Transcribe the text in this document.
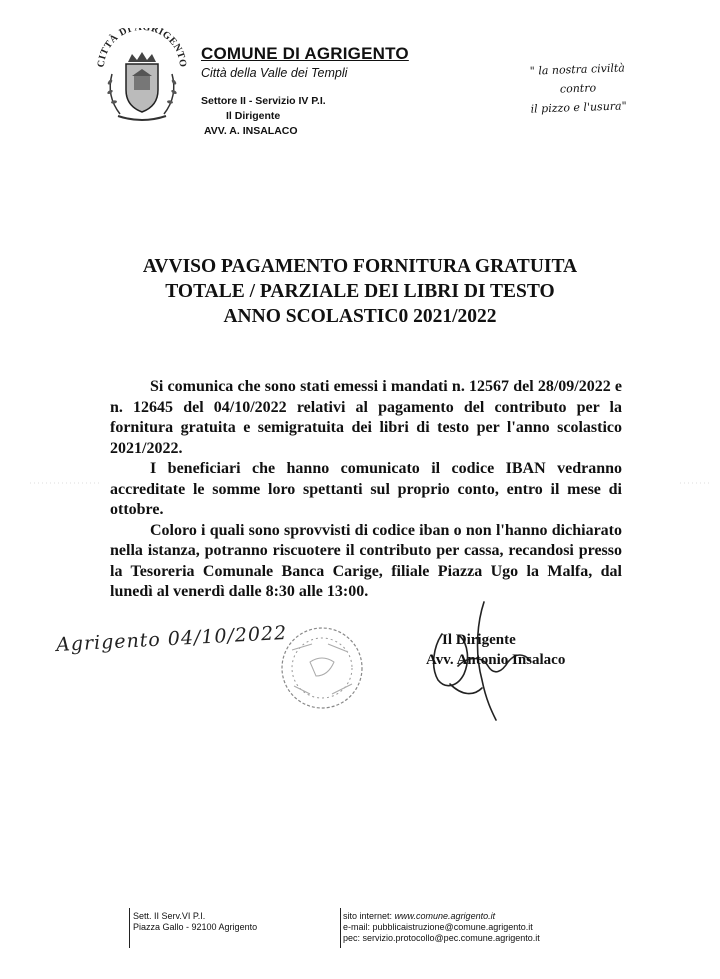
CITTÀ DI RIGENTO
COMUNE DI AGRIGENTO
Città della Valle dei Templi
Settore II - Servizio IV P.I.
Il Dirigente
AVV. A. INSALACO
" la nostra civiltà
contro
il pizzo e l'usura"
AVVISO PAGAMENTO FORNITURA GRATUITA
TOTALE / PARZIALE DEI LIBRI DI TESTO
ANNO SCOLASTIC0 2021/2022

Si comunica che sono stati emessi i mandati n. 12567 del 28/09/2022 e n. 12645 del 04/10/2022 relativi al pagamento del contributo per la fornitura gratuita e semigratuita dei libri di testo per l'anno scolastico 2021/2022.

I beneficiari che hanno comunicato il codice IBAN vedranno accreditate le somme loro spettanti sul proprio conto, entro il mese di ottobre.

Coloro i quali sono sprovvisti di codice iban o non l'hanno dichiarato nella istanza, potranno riscuotere il contributo per cassa, recandosi presso la Tesoreria Comunale Banca Carige, filiale Piazza Ugo la Malfa, dal lunedì al venerdì dalle 8:30 alle 13:00.

Agrigento 04/10/2022	Il Dirigente
Avv. Antonio Insalaco
Sett. II Serv.VI P.I.
Piazza Gallo - 92100 Agrigento
sito internet: www.comune.agrigento.it
e-mail: pubblicaistruzione@comune.agrigento.it
pec: servizio.protocollo@pec.comune.agrigento.it
